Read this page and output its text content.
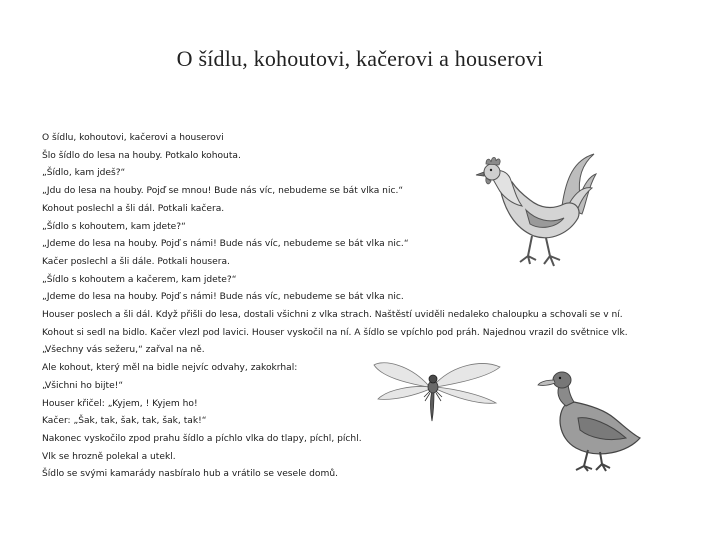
O šídlu, kohoutovi, kačerovi a houserovi
O šídlu, kohoutovi, kačerovi a houserovi
Šlo šídlo do lesa na houby. Potkalo kohouta.
„Šídlo, kam jdeš?“
„Jdu do lesa na houby. Pojď se mnou! Bude nás víc, nebudeme se bát vlka nic.“
Kohout poslechl a šli dál. Potkali kačera.
„Šídlo s kohoutem, kam jdete?“
„Jdeme do lesa na houby. Pojď s námi! Bude nás víc, nebudeme se bát vlka nic.“
Kačer poslechl a šli dále. Potkali housera.
„Šídlo s kohoutem a kačerem, kam jdete?“
„Jdeme do lesa na houby. Pojď s námi! Bude nás víc, nebudeme se bát vlka nic.
Houser poslech a šli dál. Když přišli do lesa, dostali všichni z vlka strach. Naštěstí uviděli nedaleko chaloupku a schovali se v ní.
Kohout si sedl na bidlo. Kačer vlezl pod lavici. Houser vyskočil na ní. A šídlo se vpíchlo pod práh. Najednou vrazil do světnice vlk.
„Všechny vás sežeru,“ zařval na ně.
Ale kohout, který měl na bidle nejvíc odvahy, zakokrhal:
„Všichni ho bijte!“
Houser křičel: „Kyjem, ! Kyjem ho!
Kačer: „Šak, tak, šak, tak, šak, tak!“
Nakonec vyskočilo zpod prahu šídlo a píchlo vlka do tlapy, píchl, píchl.
Vlk se hrozně polekal a utekl.
Šídlo se svými kamarády nasbíralo hub a vrátilo se vesele domů.
